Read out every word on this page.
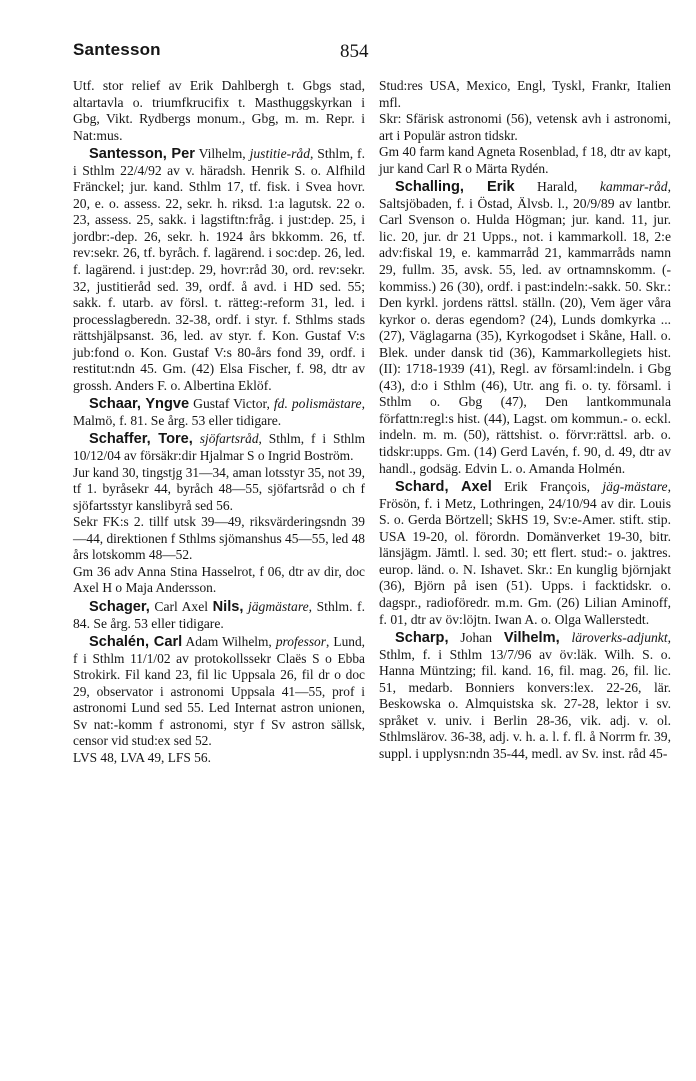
Santesson	854

Utf. stor relief av Erik Dahlbergh t. Gbgs stad, altartavla o. triumfkrucifix t. Masthuggskyrkan i Gbg, Vikt. Rydbergs monum., Gbg, m. m. Repr. i Nat:mus.

Santesson, Per Vilhelm, justitie-råd, Sthlm, f. i Sthlm 22/4/92 av v. häradsh. Henrik S. o. Alfhild Fränckel; jur. kand. Sthlm 17, tf. fisk. i Svea hovr. 20, e. o. assess. 22, sekr. h. riksd. 1:a lagutsk. 22 o. 23, assess. 25, sakk. i lagstiftn:fråg. i just:dep. 25, i jordbr:-dep. 26, sekr. h. 1924 års bkkomm. 26, tf. rev:sekr. 26, tf. byråch. f. lagärend. i soc:dep. 26, led. f. lagärend. i just:dep. 29, hovr:råd 30, ord. rev:sekr. 32, justitieråd sed. 39, ordf. å avd. i HD sed. 55; sakk. f. utarb. av försl. t. rätteg:-reform 31, led. i processlagberedn. 32-38, ordf. i styr. f. Sthlms stads rättshjälpsanst. 36, led. av styr. f. Kon. Gustaf V:s jub:fond o. Kon. Gustaf V:s 80-års fond 39, ordf. i restitut:ndn 45. Gm. (42) Elsa Fischer, f. 98, dtr av grossh. Anders F. o. Albertina Eklöf.

Schaar, Yngve Gustaf Victor, fd. polismästare, Malmö, f. 81. Se årg. 53 eller tidigare.

Schaffer, Tore, sjöfartsråd, Sthlm, f i Sthlm 10/12/04 av försäkr:dir Hjalmar S o Ingrid Boström.

Jur kand 30, tingstjg 31—34, aman lotsstyr 35, not 39, tf 1. byråsekr 44, byråch 48—55, sjöfartsråd o ch f sjöfartsstyr kanslibyrå sed 56.

Sekr FK:s 2. tillf utsk 39—49, riksvärderingsndn 39—44, direktionen f Sthlms sjömanshus 45—55, led 48 års lotskomm 48—52.

Gm 36 adv Anna Stina Hasselrot, f 06, dtr av dir, doc Axel H o Maja Andersson.

Schager, Carl Axel Nils, jägmästare, Sthlm. f. 84. Se årg. 53 eller tidigare.

Schalén, Carl Adam Wilhelm, professor, Lund, f i Sthlm 11/1/02 av protokollssekr Claës S o Ebba Strokirk. Fil kand 23, fil lic Uppsala 26, fil dr o doc 29, observator i astronomi Uppsala 41—55, prof i astronomi Lund sed 55. Led Internat astron unionen, Sv nat:-komm f astronomi, styr f Sv astron sällsk, censor vid stud:ex sed 52.

LVS 48, LVA 49, LFS 56.

Stud:res USA, Mexico, Engl, Tyskl, Frankr, Italien mfl.

Skr: Sfärisk astronomi (56), vetensk avh i astronomi, art i Populär astron tidskr.

Gm 40 farm kand Agneta Rosenblad, f 18, dtr av kapt, jur kand Carl R o Märta Rydén.

Schalling, Erik Harald, kammar-råd, Saltsjöbaden, f. i Östad, Älvsb. l., 20/9/89 av lantbr. Carl Svenson o. Hulda Högman; jur. kand. 11, jur. lic. 20, jur. dr 21 Upps., not. i kammarkoll. 18, 2:e adv:fiskal 19, e. kammarråd 21, kammarråds namn 29, fullm. 35, avsk. 55, led. av ortnamnskomm. (-kommiss.) 26 (30), ordf. i past:indeln:-sakk. 50. Skr.: Den kyrkl. jordens rättsl. ställn. (20), Vem äger våra kyrkor o. deras egendom? (24), Lunds domkyrka ... (27), Väglagarna (35), Kyrkogodset i Skåne, Hall. o. Blek. under dansk tid (36), Kammarkollegiets hist. (II): 1718-1939 (41), Regl. av församl:indeln. i Gbg (43), d:o i Sthlm (46), Utr. ang fi. o. ty. församl. i Sthlm o. Gbg (47), Den lantkommunala författn:regl:s hist. (44), Lagst. om kommun.- o. eckl. indeln. m. m. (50), rättshist. o. förvr:rättsl. arb. o. tidskr:upps. Gm. (14) Gerd Lavén, f. 90, d. 49, dtr av handl., godsäg. Edvin L. o. Amanda Holmén.

Schard, Axel Erik François, jäg-mästare, Frösön, f. i Metz, Lothringen, 24/10/94 av dir. Louis S. o. Gerda Börtzell; SkHS 19, Sv:e-Amer. stift. stip. USA 19-20, ol. förordn. Domänverket 19-30, bitr. länsjägm. Jämtl. l. sed. 30; ett flert. stud:- o. jaktres. europ. länd. o. N. Ishavet. Skr.: En kunglig björnjakt (36), Björn på isen (51). Upps. i facktidskr. o. dagspr., radioföredr. m.m. Gm. (26) Lilian Aminoff, f. 01, dtr av öv:löjtn. Iwan A. o. Olga Wallerstedt.

Scharp, Johan Vilhelm, läroverks-adjunkt, Sthlm, f. i Sthlm 13/7/96 av öv:läk. Wilh. S. o. Hanna Müntzing; fil. kand. 16, fil. mag. 26, fil. lic. 51, medarb. Bonniers konvers:lex. 22-26, lär. Beskowska o. Almquistska sk. 27-28, lektor i sv. språket v. univ. i Berlin 28-36, vik. adj. v. ol. Sthlmslärov. 36-38, adj. v. h. a. l. f. fl. å Norrm fr. 39, suppl. i upplysn:ndn 35-44, medl. av Sv. inst. råd 45-
